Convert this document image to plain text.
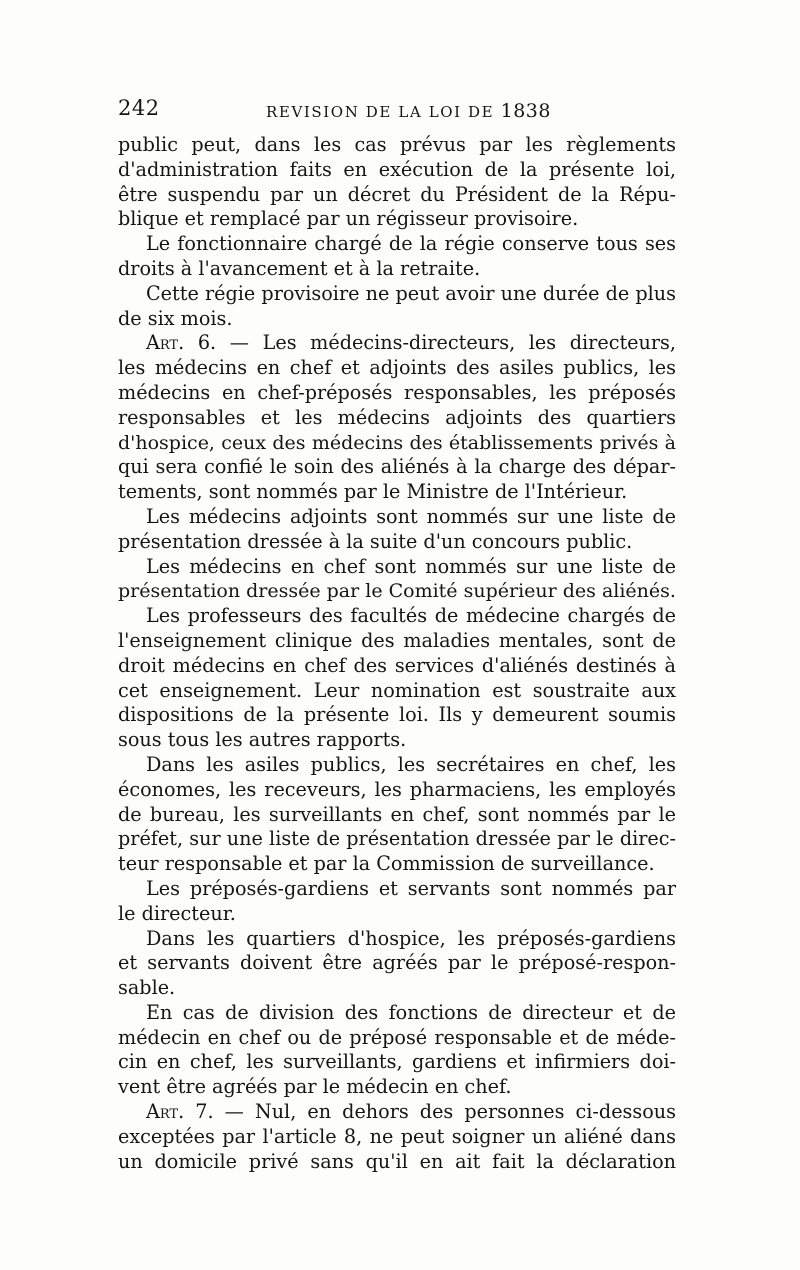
242	REVISION DE LA LOI DE 1838
public peut, dans les cas prévus par les règlements
d'administration faits en exécution de la présente loi,
être suspendu par un décret du Président de la Répu-
blique et remplacé par un régisseur provisoire.
Le fonctionnaire chargé de la régie conserve tous ses
droits à l'avancement et à la retraite.
Cette régie provisoire ne peut avoir une durée de plus
de six mois.
Art. 6. — Les médecins-directeurs, les directeurs,
les médecins en chef et adjoints des asiles publics, les
médecins en chef-préposés responsables, les préposés
responsables et les médecins adjoints des quartiers
d'hospice, ceux des médecins des établissements privés à
qui sera confié le soin des aliénés à la charge des dépar-
tements, sont nommés par le Ministre de l'Intérieur.
Les médecins adjoints sont nommés sur une liste de
présentation dressée à la suite d'un concours public.
Les médecins en chef sont nommés sur une liste de
présentation dressée par le Comité supérieur des aliénés.
Les professeurs des facultés de médecine chargés de
l'enseignement clinique des maladies mentales, sont de
droit médecins en chef des services d'aliénés destinés à
cet enseignement. Leur nomination est soustraite aux
dispositions de la présente loi. Ils y demeurent soumis
sous tous les autres rapports.
Dans les asiles publics, les secrétaires en chef, les
économes, les receveurs, les pharmaciens, les employés
de bureau, les surveillants en chef, sont nommés par le
préfet, sur une liste de présentation dressée par le direc-
teur responsable et par la Commission de surveillance.
Les préposés-gardiens et servants sont nommés par
le directeur.
Dans les quartiers d'hospice, les préposés-gardiens
et servants doivent être agréés par le préposé-respon-
sable.
En cas de division des fonctions de directeur et de
médecin en chef ou de préposé responsable et de méde-
cin en chef, les surveillants, gardiens et infirmiers doi-
vent être agréés par le médecin en chef.
Art. 7. — Nul, en dehors des personnes ci-dessous
exceptées par l'article 8, ne peut soigner un aliéné dans
un domicile privé sans qu'il en ait fait la déclaration
